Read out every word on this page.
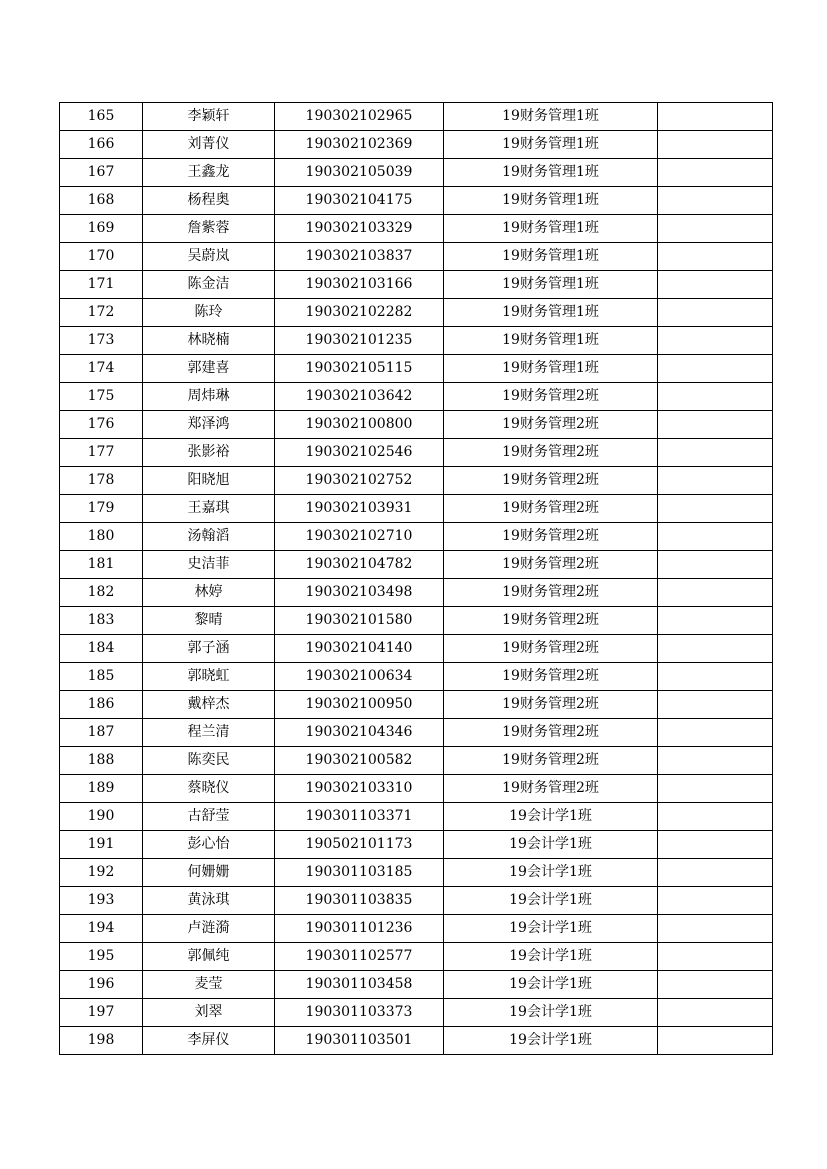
165	李颖轩	190302102965	19财务管理1班	
166	刘菁仪	190302102369	19财务管理1班	
167	王鑫龙	190302105039	19财务管理1班	
168	杨程奥	190302104175	19财务管理1班	
169	詹紫蓉	190302103329	19财务管理1班	
170	吴蔚岚	190302103837	19财务管理1班	
171	陈金洁	190302103166	19财务管理1班	
172	陈玲	190302102282	19财务管理1班	
173	林晓楠	190302101235	19财务管理1班	
174	郭建喜	190302105115	19财务管理1班	
175	周炜琳	190302103642	19财务管理2班	
176	郑泽鸿	190302100800	19财务管理2班	
177	张影裕	190302102546	19财务管理2班	
178	阳晓旭	190302102752	19财务管理2班	
179	王嘉琪	190302103931	19财务管理2班	
180	汤翰滔	190302102710	19财务管理2班	
181	史洁菲	190302104782	19财务管理2班	
182	林婷	190302103498	19财务管理2班	
183	黎晴	190302101580	19财务管理2班	
184	郭子涵	190302104140	19财务管理2班	
185	郭晓虹	190302100634	19财务管理2班	
186	戴梓杰	190302100950	19财务管理2班	
187	程兰清	190302104346	19财务管理2班	
188	陈奕民	190302100582	19财务管理2班	
189	蔡晓仪	190302103310	19财务管理2班	
190	古舒莹	190301103371	19会计学1班	
191	彭心怡	190502101173	19会计学1班	
192	何姗姗	190301103185	19会计学1班	
193	黄泳琪	190301103835	19会计学1班	
194	卢涟漪	190301101236	19会计学1班	
195	郭佩纯	190301102577	19会计学1班	
196	麦莹	190301103458	19会计学1班	
197	刘翠	190301103373	19会计学1班	
198	李屏仪	190301103501	19会计学1班	
